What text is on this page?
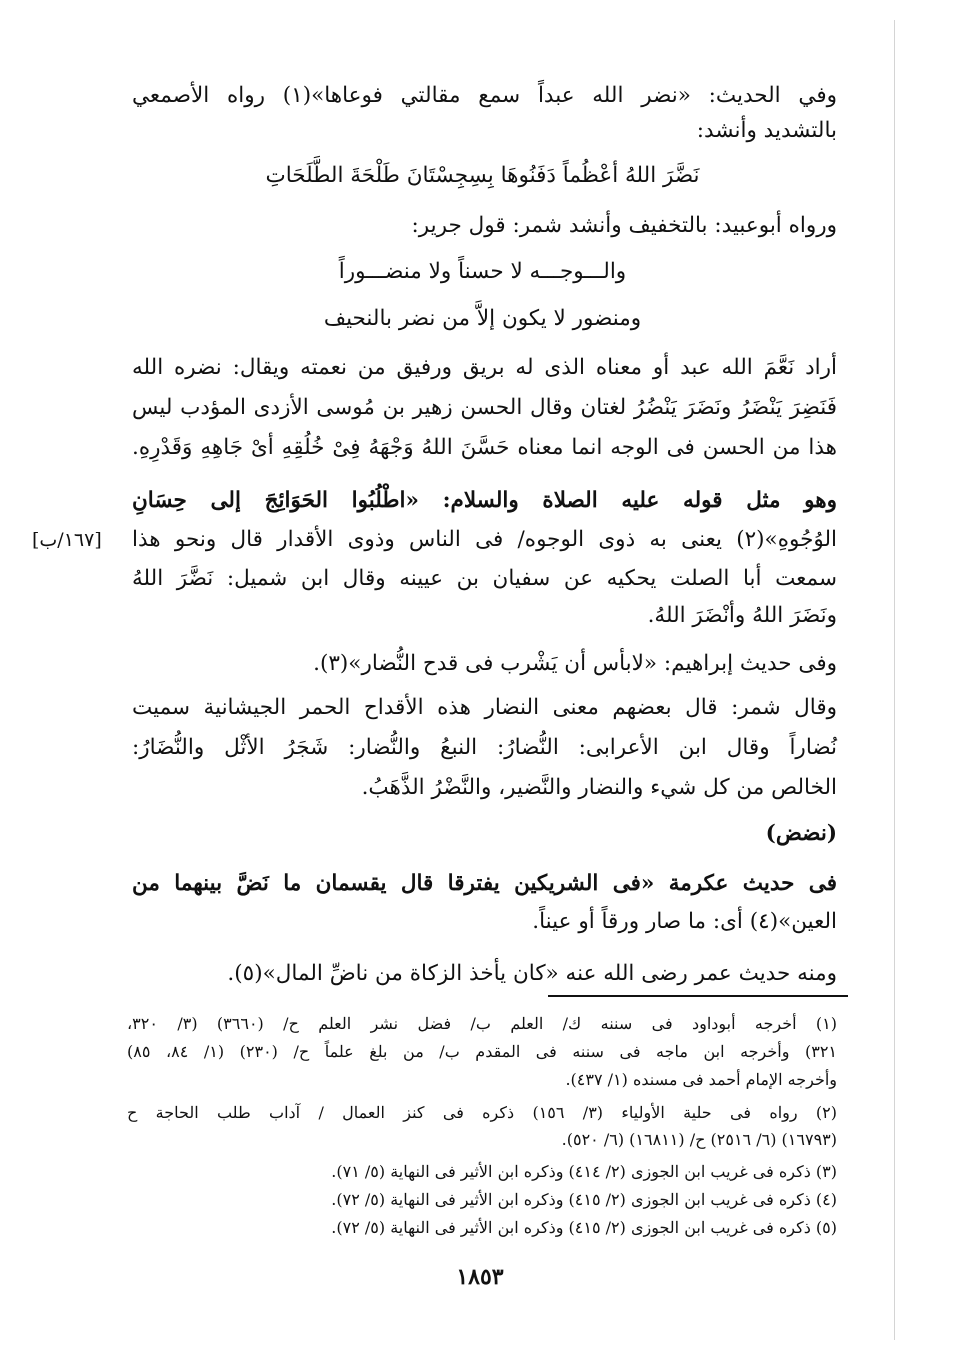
وفي الحديث: «نضر الله عبداً سمع مقالتي فوعاها»(١) رواه الأصمعي
بالتشديد وأنشد:
نَضَّرَ اللهُ أعْظُماً دَفَنُوهَا بِسِجِسْتَانَ طَلْحَةَ الطَّلَحَاتِ
ورواه أبوعبيد: بالتخفيف وأنشد شمر: قول جرير:
والـــوجـــه لا حسناً ولا منضـــوراً
ومنضور لا يكون إلاَّ من نضر بالنحيف
أراد نَعَّمَ الله عبد أو معناه الذى له بريق ورفيق من نعمته ويقال: نضره الله
فَنَضِرَ يَنْضَرُ ونَضَرَ يَنْضُرُ لغتان وقال الحسن زهير بن مُوسى الأزدى المؤدب ليس
هذا من الحسن فى الوجه انما معناه حَسَّنَ اللهُ وَجْهَهُ فِىْ خُلُقِهِ أىْ جَاهِهِ وَقَدْرِهِ.
وهو مثل قوله عليه الصلاة والسلام: «اطْلُبُوا الحَوَائِجَ إلى حِسَانِ
الوُجُوهِ»(٢) يعنى به ذوى الوجوه/ فى الناس وذوى الأقدار قال ونحو هذا
[١٦٧/ب]
سمعت أبا الصلت يحكيه عن سفيان بن عيينه وقال ابن شميل: نَضَّرَ اللهُ
ونَضَرَ اللهُ وأنْضَرَ اللهُ.
وفى حديث إبراهيم: «لابأس أن يَشْرب فى قدح النُّضار»(٣).
وقال شمر: قال بعضهم معنى النضار هذه الأقداح الحمر الجيشانية سميت
نُضاراً وقال ابن الأعرابى: النُّضارُ: النبعُ والنُّضار: شَجَرُ الأثْل والنُّضَارُ:
الخالص من كل شيء والنضار والنَّضير، والنَّضْرُ الذَّهَبُ.
(نضض)
فى حديث عكرمة «فى الشريكين يفترقا قال يقسمان ما نَضَّ بينهما من
العين»(٤) أى: ما صار ورقاً أو عيناً.
ومنه حديث عمر رضى الله عنه «كان يأخذ الزكاة من ناضِّ المال»(٥).
(١) أخرجه أبوداود فى سننه ك/ العلم ب/ فضل نشر العلم ح/ (٣٦٦٠) (٣/ ٣٢٠،
٣٢١) وأخرجه ابن ماجه فى سننه فى المقدم ب/ من بلغ علماً ح/ (٢٣٠) (١/ ٨٤، ٨٥)
وأخرجه الإمام أحمد فى مسنده (١/ ٤٣٧).
(٢) رواه فى حلية الأولياء (٣/ ١٥٦) ذكره فى كنز العمال / آداب طلب الحاجة ح
(١٦٧٩٣) (٦/ ٢٥١٦) ح/ (١٦٨١١) (٦/ ٥٢٠).
(٣) ذكره فى غريب ابن الجوزى (٢/ ٤١٤) وذكره ابن الأثير فى النهاية (٥/ ٧١).
(٤) ذكره فى غريب ابن الجوزى (٢/ ٤١٥) وذكره ابن الأثير فى النهاية (٥/ ٧٢).
(٥) ذكره فى غريب ابن الجوزى (٢/ ٤١٥) وذكره ابن الأثير فى النهاية (٥/ ٧٢).
١٨٥٣
